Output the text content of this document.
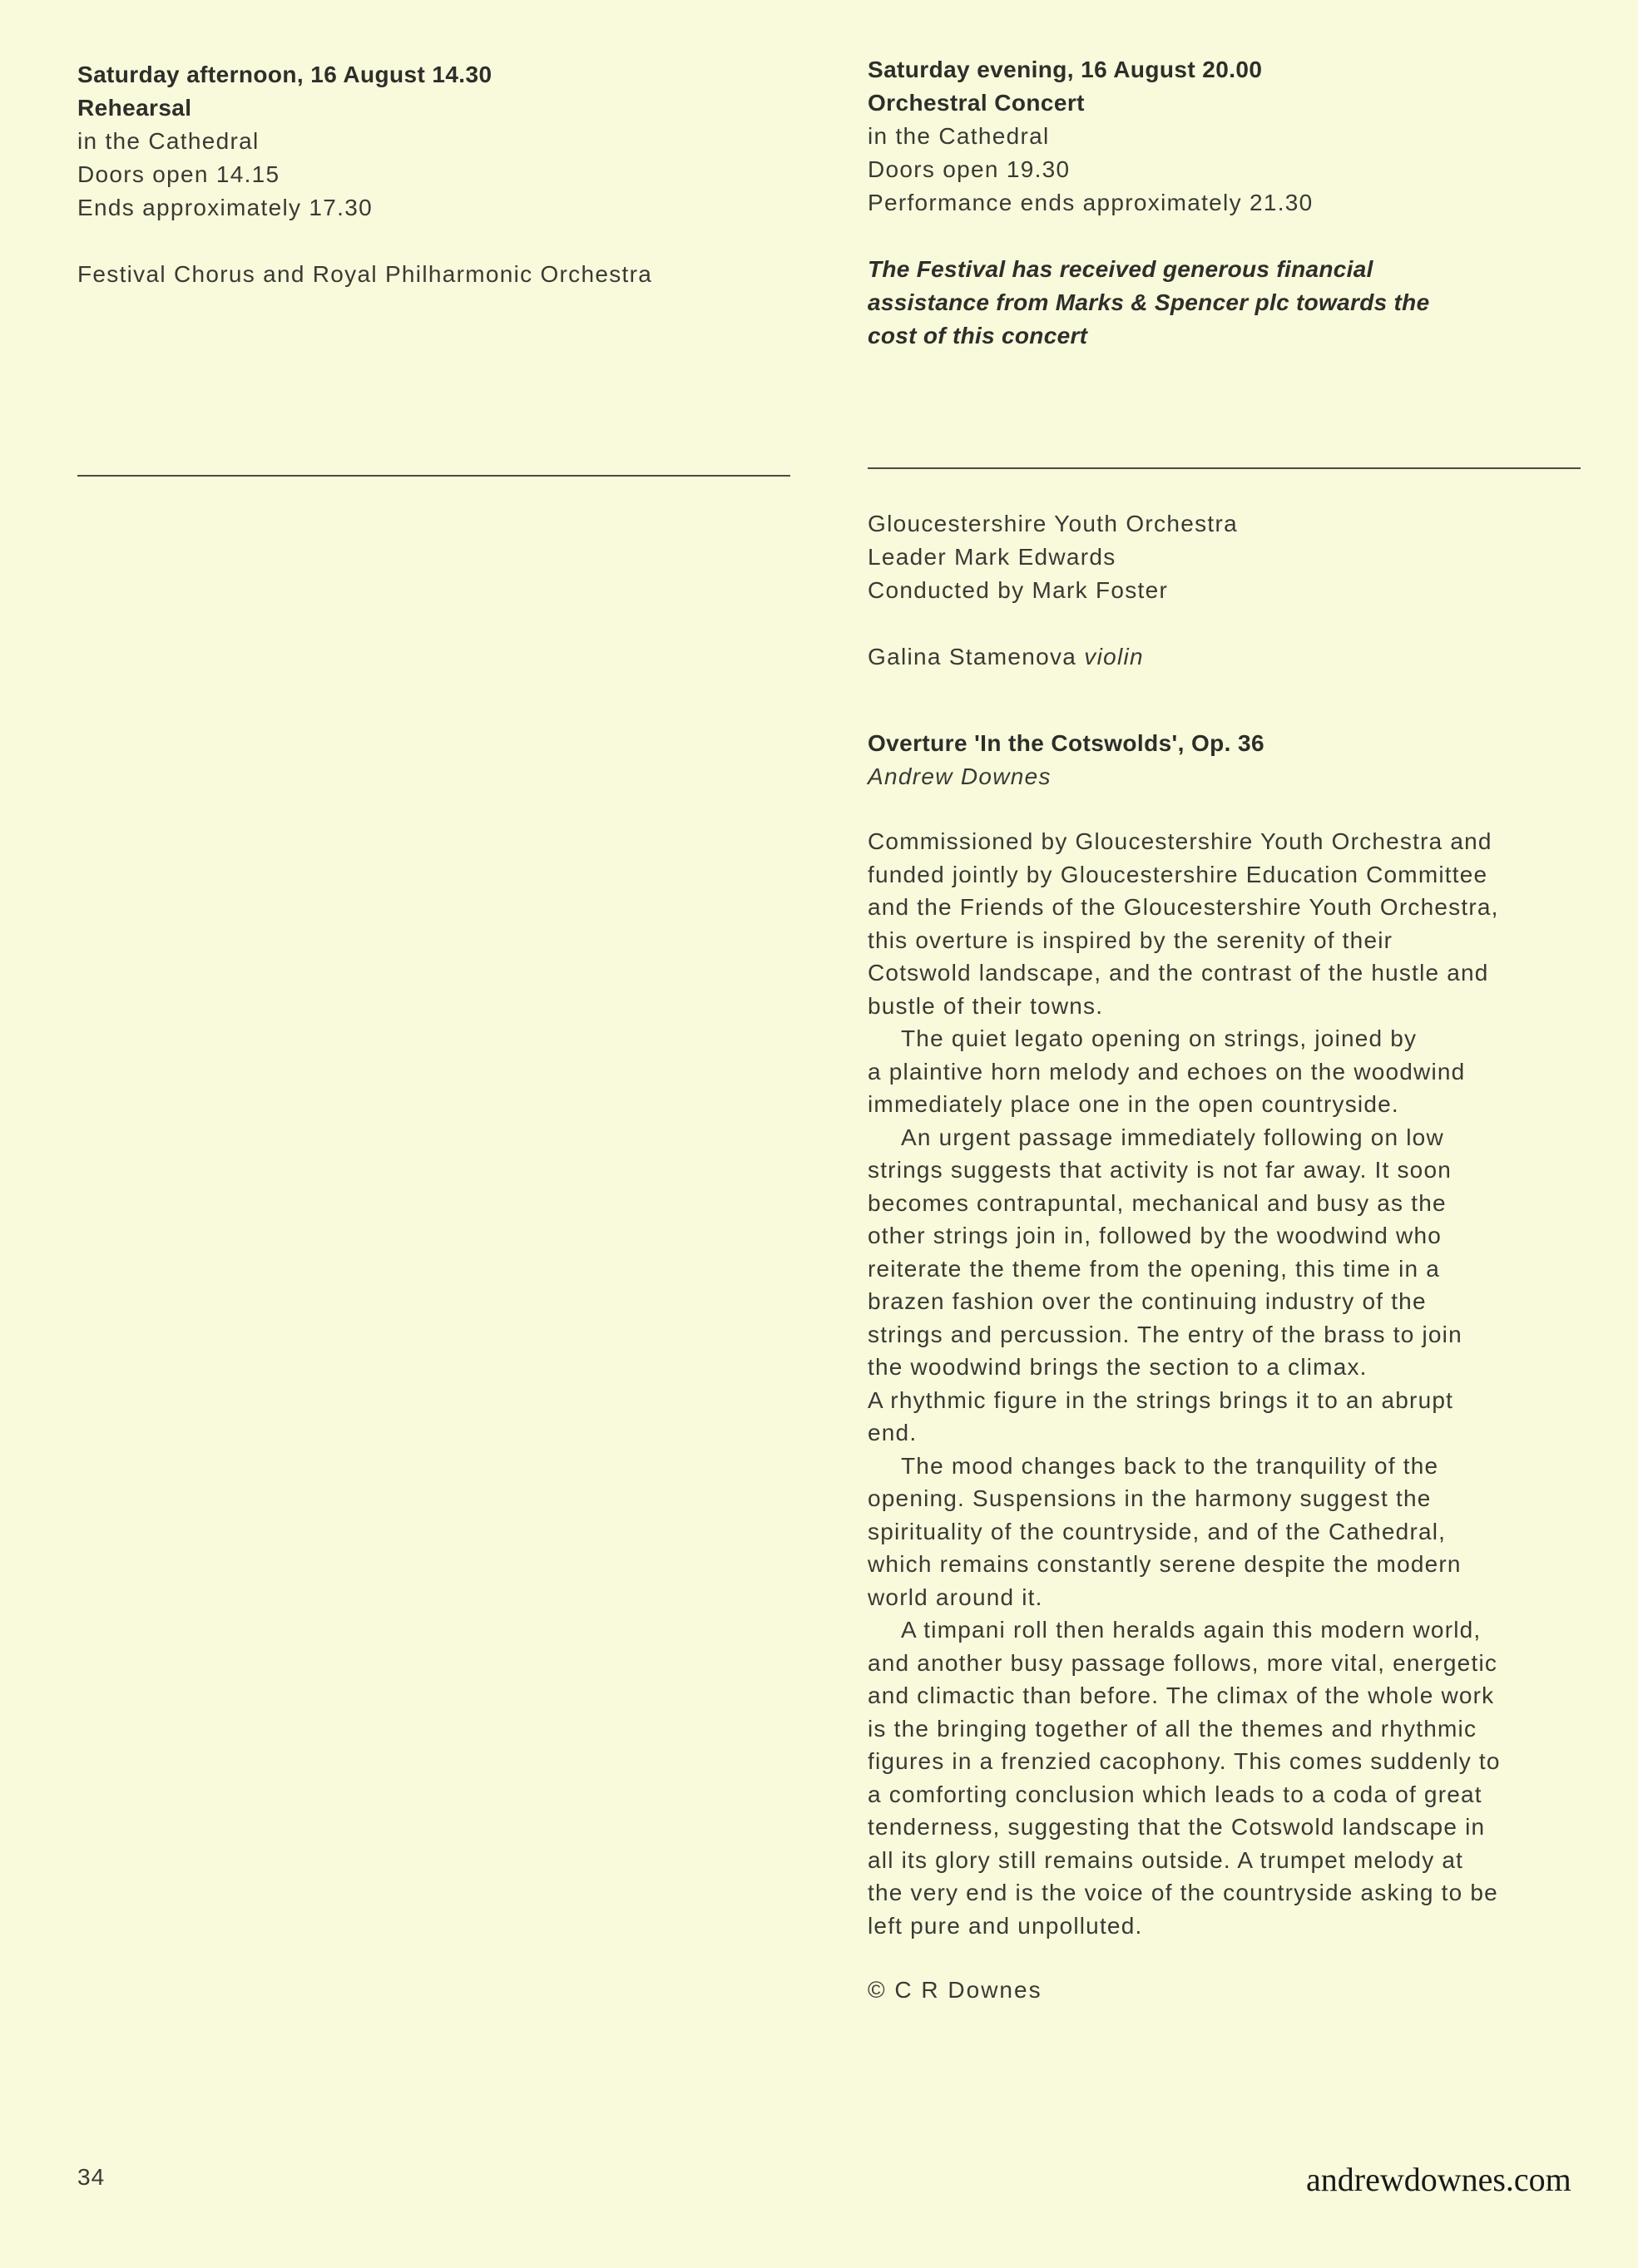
Saturday afternoon, 16 August 14.30
Rehearsal
in the Cathedral
Doors open 14.15
Ends approximately 17.30
Festival Chorus and Royal Philharmonic Orchestra
Saturday evening, 16 August 20.00
Orchestral Concert
in the Cathedral
Doors open 19.30
Performance ends approximately 21.30
The Festival has received generous financial
assistance from Marks & Spencer plc towards the
cost of this concert
Gloucestershire Youth Orchestra
Leader Mark Edwards
Conducted by Mark Foster
Galina Stamenova violin
Overture 'In the Cotswolds', Op. 36
Andrew Downes
Commissioned by Gloucestershire Youth Orchestra and
funded jointly by Gloucestershire Education Committee
and the Friends of the Gloucestershire Youth Orchestra,
this overture is inspired by the serenity of their
Cotswold landscape, and the contrast of the hustle and
bustle of their towns.
The quiet legato opening on strings, joined by
a plaintive horn melody and echoes on the woodwind
immediately place one in the open countryside.
An urgent passage immediately following on low
strings suggests that activity is not far away. It soon
becomes contrapuntal, mechanical and busy as the
other strings join in, followed by the woodwind who
reiterate the theme from the opening, this time in a
brazen fashion over the continuing industry of the
strings and percussion. The entry of the brass to join
the woodwind brings the section to a climax.
A rhythmic figure in the strings brings it to an abrupt
end.
The mood changes back to the tranquility of the
opening. Suspensions in the harmony suggest the
spirituality of the countryside, and of the Cathedral,
which remains constantly serene despite the modern
world around it.
A timpani roll then heralds again this modern world,
and another busy passage follows, more vital, energetic
and climactic than before. The climax of the whole work
is the bringing together of all the themes and rhythmic
figures in a frenzied cacophony. This comes suddenly to
a comforting conclusion which leads to a coda of great
tenderness, suggesting that the Cotswold landscape in
all its glory still remains outside. A trumpet melody at
the very end is the voice of the countryside asking to be
left pure and unpolluted.
© C R Downes
34	andrewdownes.com
